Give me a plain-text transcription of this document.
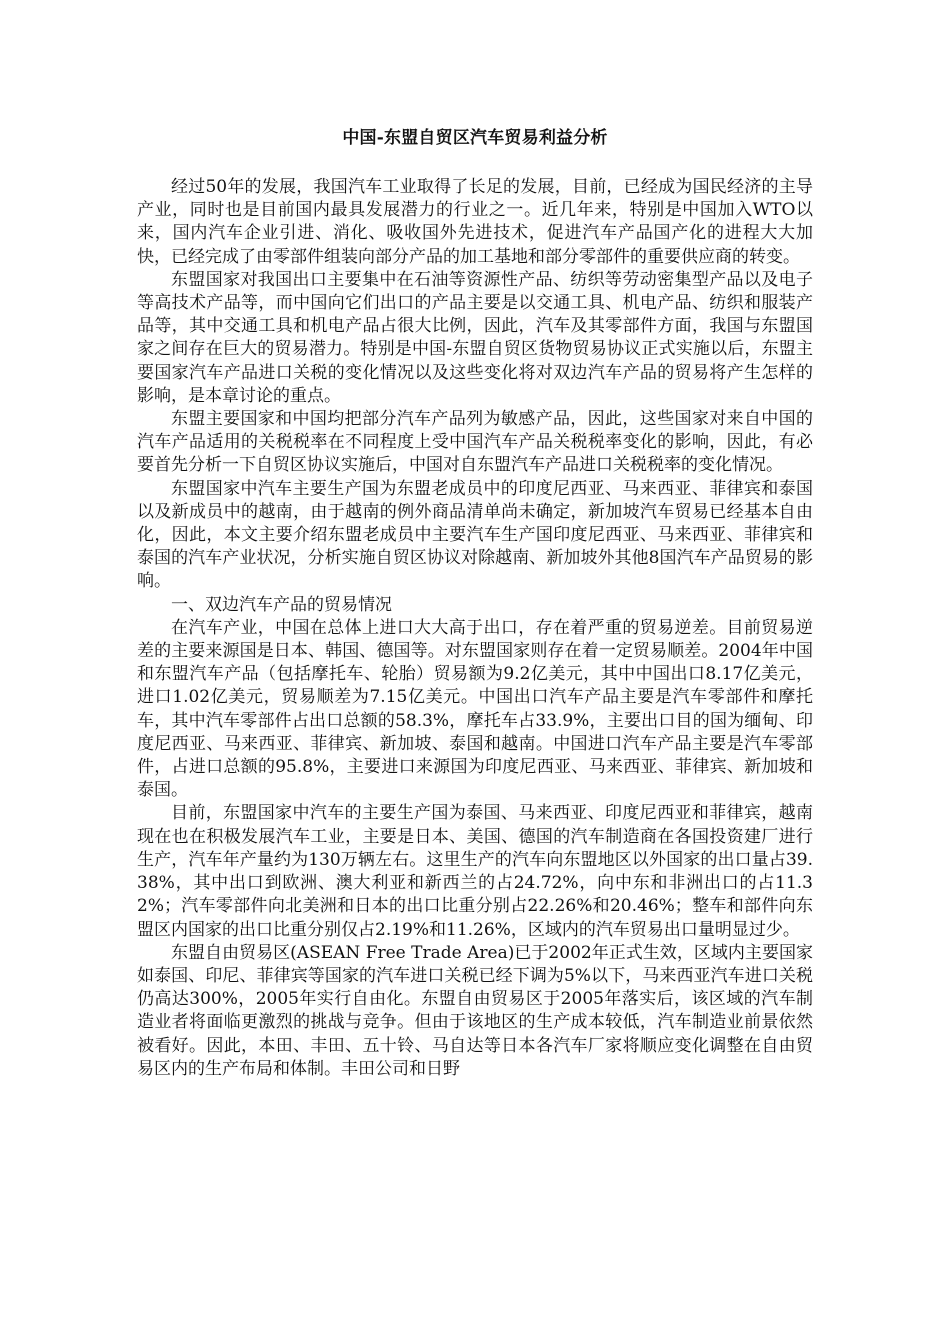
中国-东盟自贸区汽车贸易利益分析

经过50年的发展，我国汽车工业取得了长足的发展，目前，已经成为国民经济的主导产业，同时也是目前国内最具发展潜力的行业之一。近几年来，特别是中国加入WTO以来，国内汽车企业引进、消化、吸收国外先进技术，促进汽车产品国产化的进程大大加快，已经完成了由零部件组装向部分产品的加工基地和部分零部件的重要供应商的转变。

东盟国家对我国出口主要集中在石油等资源性产品、纺织等劳动密集型产品以及电子等高技术产品等，而中国向它们出口的产品主要是以交通工具、机电产品、纺织和服装产品等，其中交通工具和机电产品占很大比例，因此，汽车及其零部件方面，我国与东盟国家之间存在巨大的贸易潜力。特别是中国-东盟自贸区货物贸易协议正式实施以后，东盟主要国家汽车产品进口关税的变化情况以及这些变化将对双边汽车产品的贸易将产生怎样的影响，是本章讨论的重点。

东盟主要国家和中国均把部分汽车产品列为敏感产品，因此，这些国家对来自中国的汽车产品适用的关税税率在不同程度上受中国汽车产品关税税率变化的影响，因此，有必要首先分析一下自贸区协议实施后，中国对自东盟汽车产品进口关税税率的变化情况。

东盟国家中汽车主要生产国为东盟老成员中的印度尼西亚、马来西亚、菲律宾和泰国以及新成员中的越南，由于越南的例外商品清单尚未确定，新加坡汽车贸易已经基本自由化，因此，本文主要介绍东盟老成员中主要汽车生产国印度尼西亚、马来西亚、菲律宾和泰国的汽车产业状况，分析实施自贸区协议对除越南、新加坡外其他8国汽车产品贸易的影响。

一、双边汽车产品的贸易情况

在汽车产业，中国在总体上进口大大高于出口，存在着严重的贸易逆差。目前贸易逆差的主要来源国是日本、韩国、德国等。对东盟国家则存在着一定贸易顺差。2004年中国和东盟汽车产品（包括摩托车、轮胎）贸易额为9.2亿美元，其中中国出口8.17亿美元，进口1.02亿美元，贸易顺差为7.15亿美元。中国出口汽车产品主要是汽车零部件和摩托车，其中汽车零部件占出口总额的58.3%，摩托车占33.9%，主要出口目的国为缅甸、印度尼西亚、马来西亚、菲律宾、新加坡、泰国和越南。中国进口汽车产品主要是汽车零部件，占进口总额的95.8%，主要进口来源国为印度尼西亚、马来西亚、菲律宾、新加坡和泰国。

目前，东盟国家中汽车的主要生产国为泰国、马来西亚、印度尼西亚和菲律宾，越南现在也在积极发展汽车工业，主要是日本、美国、德国的汽车制造商在各国投资建厂进行生产，汽车年产量约为130万辆左右。这里生产的汽车向东盟地区以外国家的出口量占39.38%，其中出口到欧洲、澳大利亚和新西兰的占24.72%，向中东和非洲出口的占11.32%；汽车零部件向北美洲和日本的出口比重分别占22.26%和20.46%；整车和部件向东盟区内国家的出口比重分别仅占2.19%和11.26%，区域内的汽车贸易出口量明显过少。

东盟自由贸易区(ASEAN Free Trade Area)已于2002年正式生效，区域内主要国家如泰国、印尼、菲律宾等国家的汽车进口关税已经下调为5%以下，马来西亚汽车进口关税仍高达300%，2005年实行自由化。东盟自由贸易区于2005年落实后，该区域的汽车制造业者将面临更激烈的挑战与竞争。但由于该地区的生产成本较低，汽车制造业前景依然被看好。因此，本田、丰田、五十铃、马自达等日本各汽车厂家将顺应变化调整在自由贸易区内的生产布局和体制。丰田公司和日野
